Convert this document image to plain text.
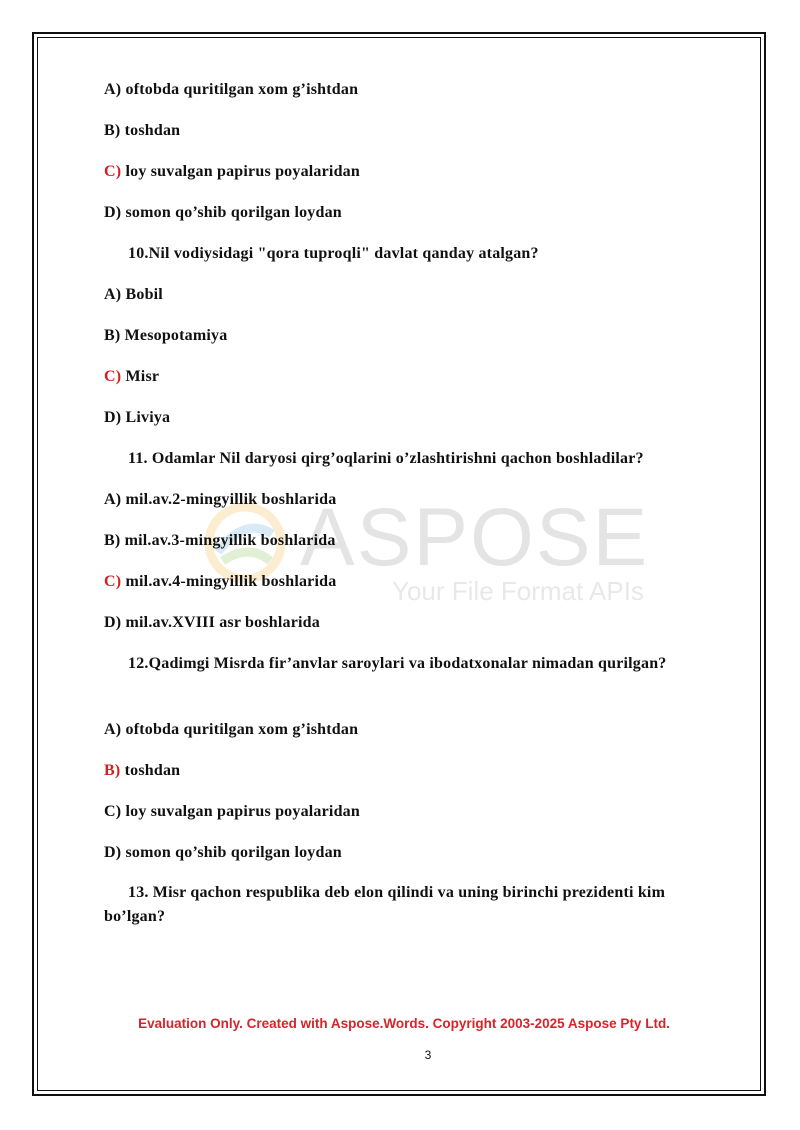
ASPOSE
Your File Format APIs
A) oftobda quritilgan xom g’ishtdan
B) toshdan
C) loy suvalgan papirus poyalaridan
D) somon qo’shib qorilgan loydan
10.Nil vodiysidagi "qora tuproqli" davlat qanday atalgan?
A) Bobil
B) Mesopotamiya
C) Misr
D) Liviya
11. Odamlar Nil daryosi qirg’oqlarini o’zlashtirishni qachon boshladilar?
A) mil.av.2-mingyillik boshlarida
B) mil.av.3-mingyillik boshlarida
C) mil.av.4-mingyillik boshlarida
D) mil.av.XVIII asr boshlarida
12.Qadimgi Misrda fir’anvlar saroylari va ibodatxonalar nimadan qurilgan?
A) oftobda quritilgan xom g’ishtdan
B) toshdan
C) loy suvalgan papirus poyalaridan
D) somon qo’shib qorilgan loydan
13. Misr qachon respublika deb elon qilindi va uning birinchi prezidenti kim bo’lgan?
Evaluation Only. Created with Aspose.Words. Copyright 2003-2025 Aspose Pty Ltd.
3
